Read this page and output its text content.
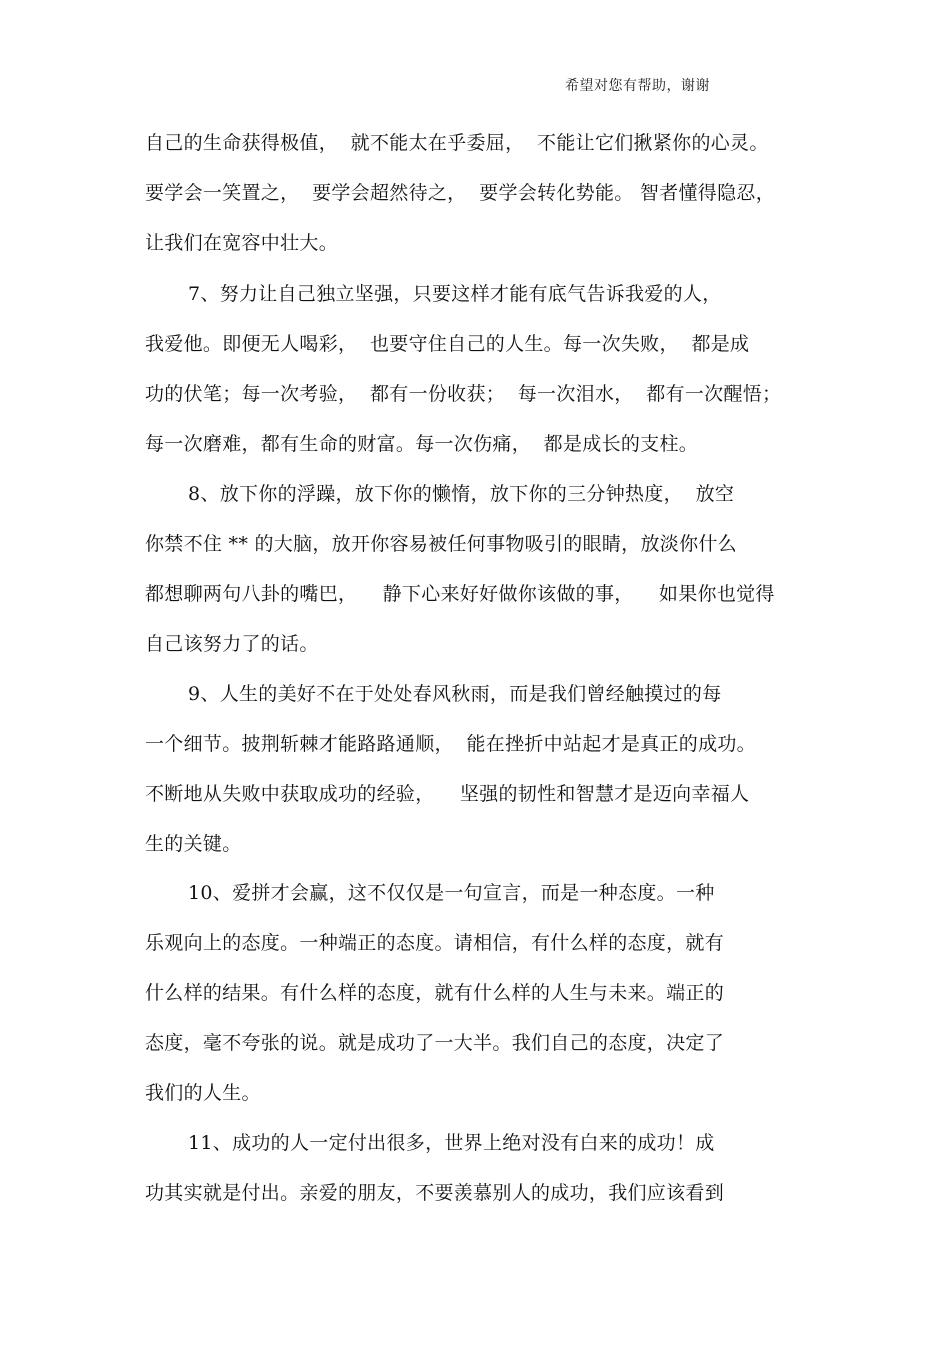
希望对您有帮助，谢谢
自己的生命获得极值，  就不能太在乎委屈，  不能让它们揪紧你的心灵。
要学会一笑置之，  要学会超然待之，  要学会转化势能。 智者懂得隐忍，
让我们在宽容中壮大。
7、努力让自己独立坚强，只要这样才能有底气告诉我爱的人，
我爱他。即便无人喝彩，  也要守住自己的人生。每一次失败，  都是成
功的伏笔；每一次考验，  都有一份收获；  每一次泪水，  都有一次醒悟；
每一次磨难，都有生命的财富。每一次伤痛，  都是成长的支柱。
8、放下你的浮躁，放下你的懒惰，放下你的三分钟热度，  放空
你禁不住 ** 的大脑，放开你容易被任何事物吸引的眼睛，放淡你什么
都想聊两句八卦的嘴巴，    静下心来好好做你该做的事，    如果你也觉得
自己该努力了的话。
9、人生的美好不在于处处春风秋雨，而是我们曾经触摸过的每
一个细节。披荆斩棘才能路路通顺，  能在挫折中站起才是真正的成功。
不断地从失败中获取成功的经验，    坚强的韧性和智慧才是迈向幸福人
生的关键。
10、爱拼才会赢，这不仅仅是一句宣言，而是一种态度。一种
乐观向上的态度。一种端正的态度。请相信，有什么样的态度，就有
什么样的结果。有什么样的态度，就有什么样的人生与未来。端正的
态度，毫不夸张的说。就是成功了一大半。我们自己的态度，决定了
我们的人生。
11、成功的人一定付出很多，世界上绝对没有白来的成功！成
功其实就是付出。亲爱的朋友，不要羡慕别人的成功，我们应该看到
